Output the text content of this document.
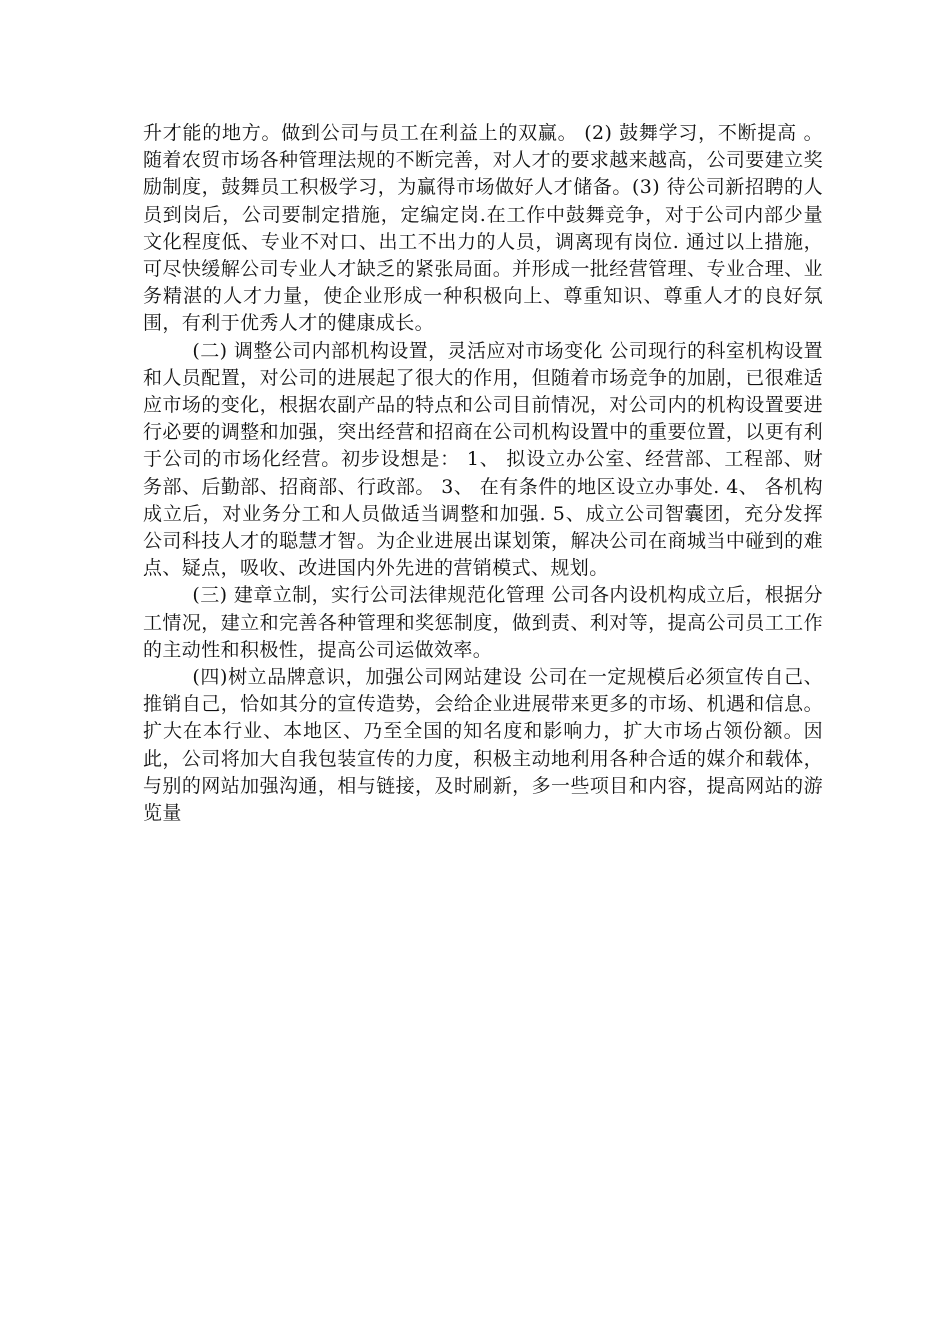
升才能的地方。做到公司与员工在利益上的双赢。 (2) 鼓舞学习，不断提高 。随着农贸市场各种管理法规的不断完善，对人才的要求越来越高，公司要建立奖励制度，鼓舞员工积极学习，为赢得市场做好人才储备。(3) 待公司新招聘的人员到岗后，公司要制定措施，定编定岗.在工作中鼓舞竞争，对于公司内部少量文化程度低、专业不对口、出工不出力的人员，调离现有岗位. 通过以上措施，可尽快缓解公司专业人才缺乏的紧张局面。并形成一批经营管理、专业合理、业务精湛的人才力量，使企业形成一种积极向上、尊重知识、尊重人才的良好氛围，有利于优秀人才的健康成长。

(二) 调整公司内部机构设置，灵活应对市场变化 公司现行的科室机构设置和人员配置，对公司的进展起了很大的作用，但随着市场竞争的加剧，已很难适应市场的变化，根据农副产品的特点和公司目前情况，对公司内的机构设置要进行必要的调整和加强，突出经营和招商在公司机构设置中的重要位置，以更有利于公司的市场化经营。初步设想是： 1、 拟设立办公室、经营部、工程部、财务部、后勤部、招商部、行政部。 3、 在有条件的地区设立办事处. 4、 各机构成立后，对业务分工和人员做适当调整和加强. 5、成立公司智囊团，充分发挥公司科技人才的聪慧才智。为企业进展出谋划策，解决公司在商城当中碰到的难点、疑点，吸收、改进国内外先进的营销模式、规划。

(三) 建章立制，实行公司法律规范化管理 公司各内设机构成立后，根据分工情况，建立和完善各种管理和奖惩制度，做到责、利对等，提高公司员工工作的主动性和积极性，提高公司运做效率。

(四)树立品牌意识，加强公司网站建设 公司在一定规模后必须宣传自己、推销自己，恰如其分的宣传造势，会给企业进展带来更多的市场、机遇和信息。扩大在本行业、本地区、乃至全国的知名度和影响力，扩大市场占领份额。因此，公司将加大自我包装宣传的力度，积极主动地利用各种合适的媒介和载体，与别的网站加强沟通，相与链接，及时刷新，多一些项目和内容，提高网站的游览量
